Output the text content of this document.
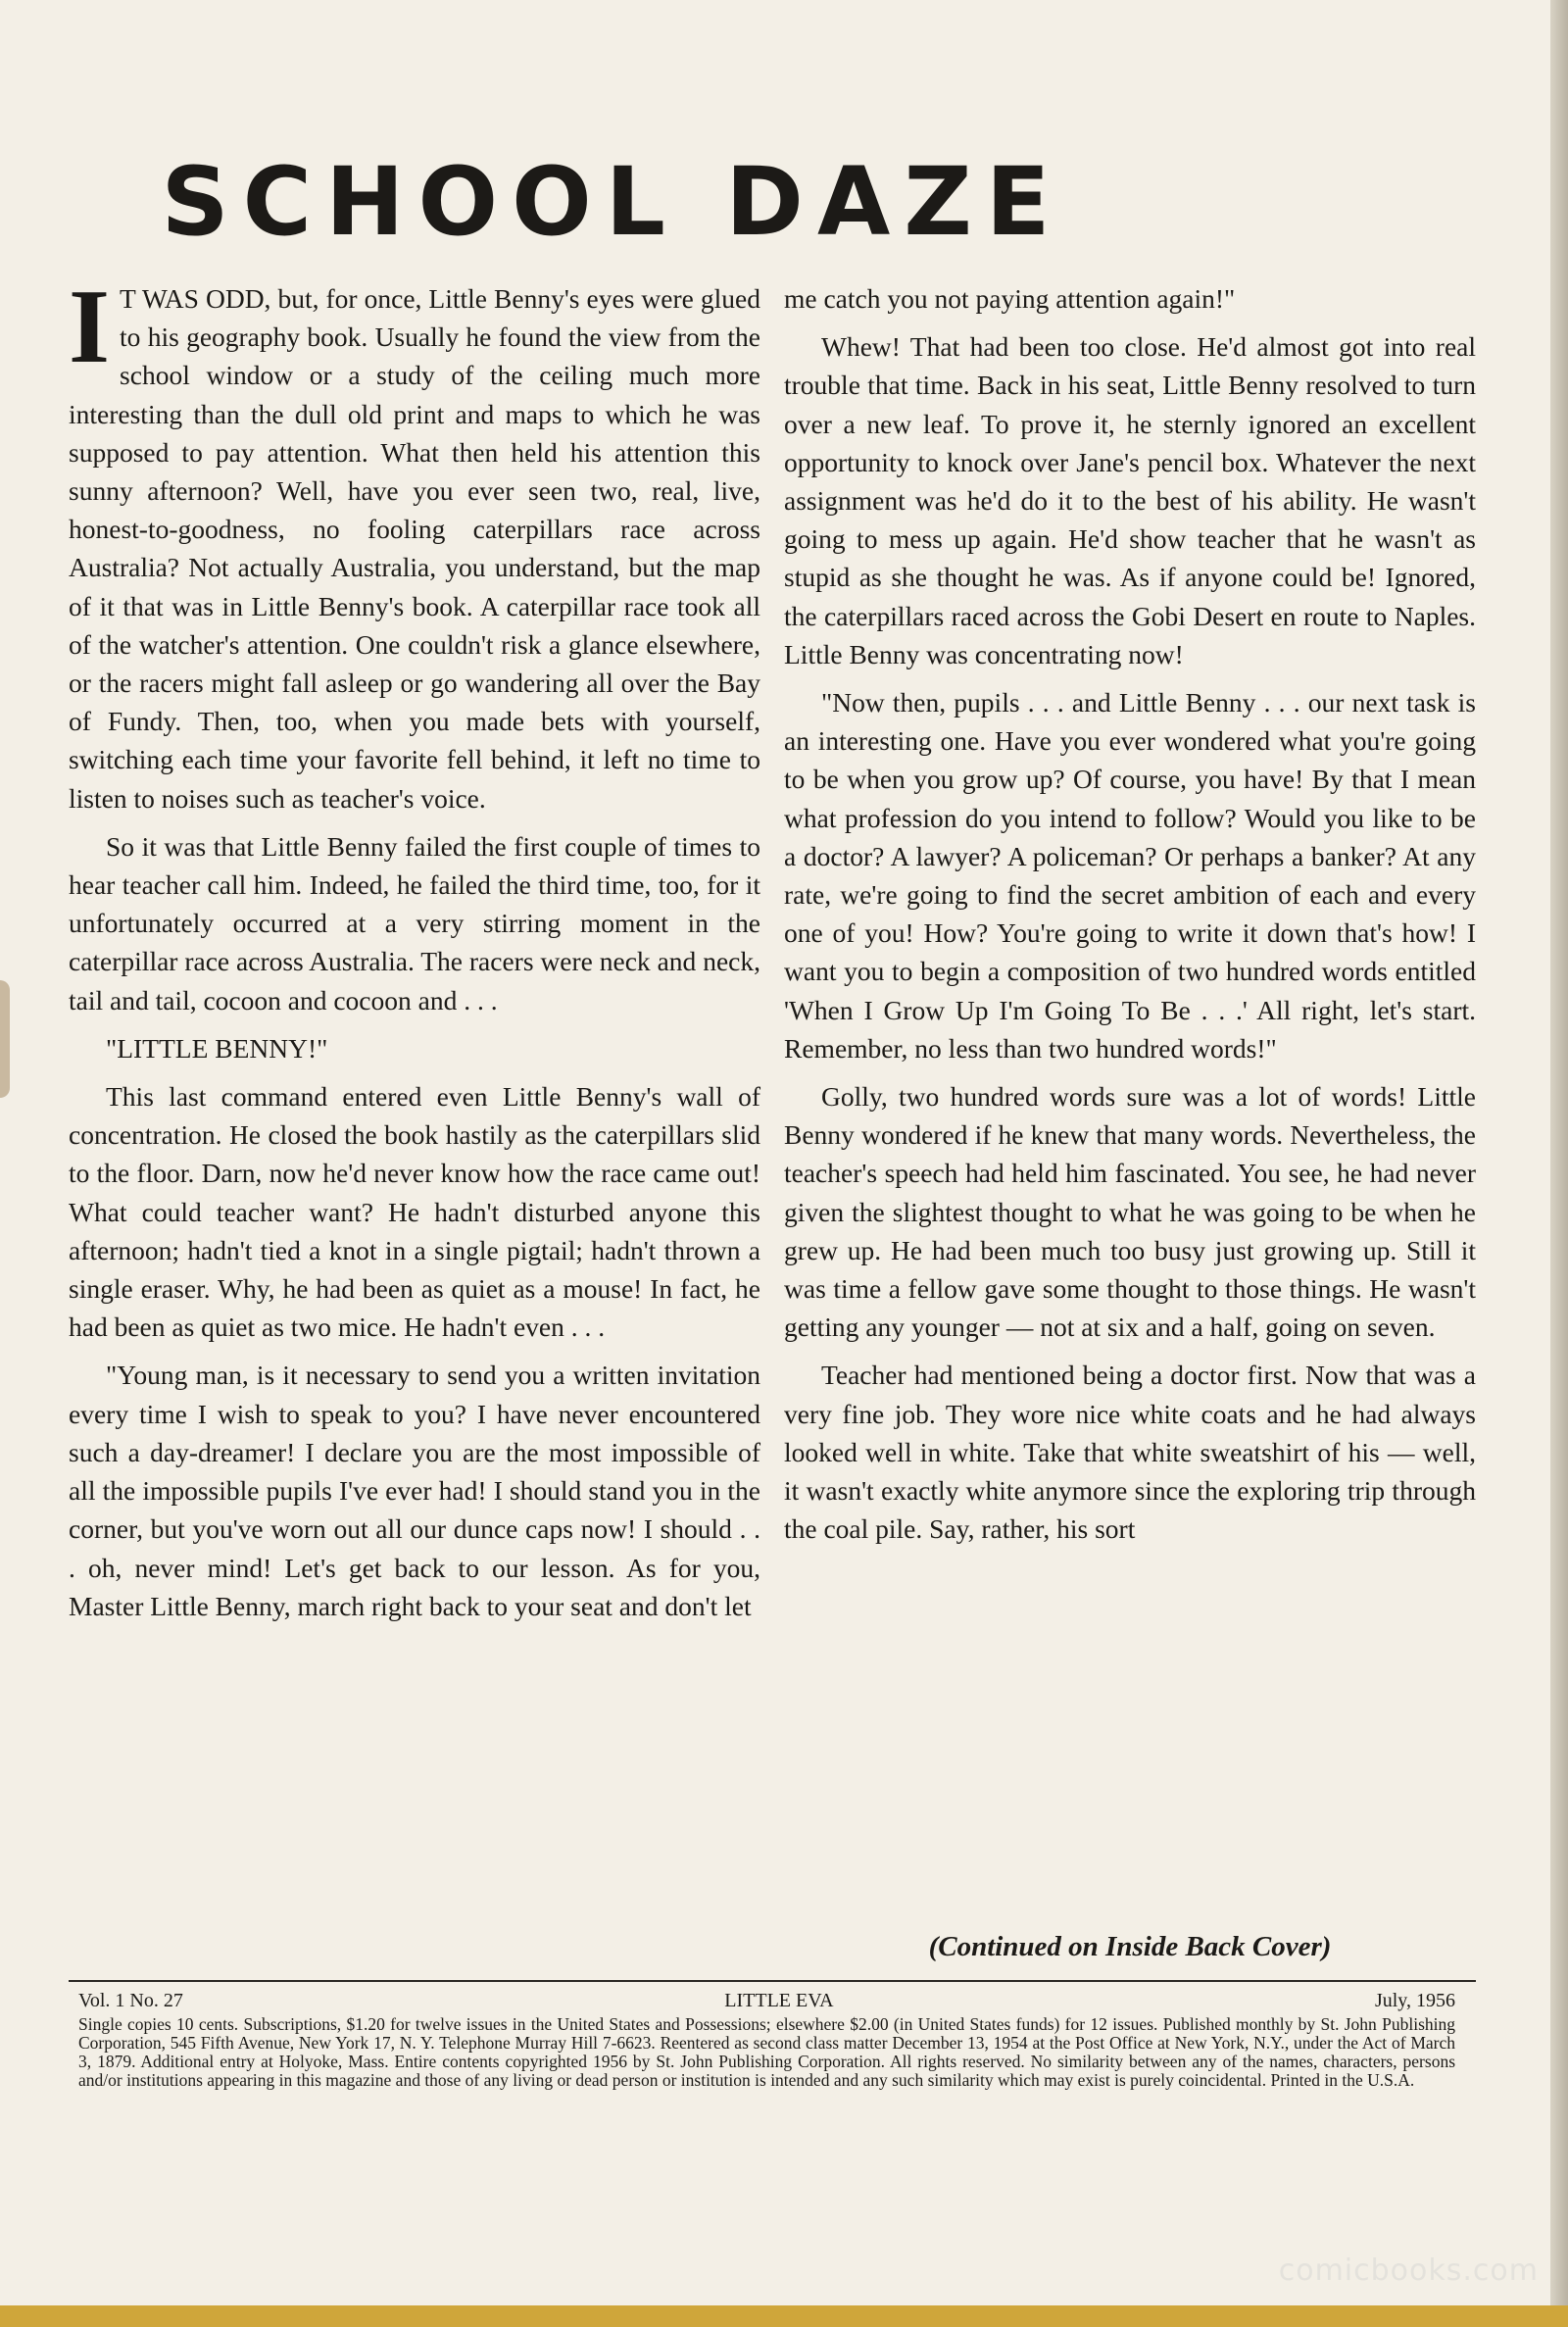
SCHOOL DAZE

I T WAS ODD, but, for once, Little Benny's eyes were glued to his geography book. Usually he found the view from the school window or a study of the ceiling much more interesting than the dull old print and maps to which he was supposed to pay attention. What then held his attention this sunny afternoon? Well, have you ever seen two, real, live, honest-to-goodness, no fooling caterpillars race across Australia? Not actually Australia, you understand, but the map of it that was in Little Benny's book. A caterpillar race took all of the watcher's attention. One couldn't risk a glance elsewhere, or the racers might fall asleep or go wandering all over the Bay of Fundy. Then, too, when you made bets with yourself, switching each time your favorite fell behind, it left no time to listen to noises such as teacher's voice.

So it was that Little Benny failed the first couple of times to hear teacher call him. Indeed, he failed the third time, too, for it unfortunately occurred at a very stirring moment in the caterpillar race across Australia. The racers were neck and neck, tail and tail, cocoon and cocoon and . . .

"LITTLE BENNY!"

This last command entered even Little Benny's wall of concentration. He closed the book hastily as the caterpillars slid to the floor. Darn, now he'd never know how the race came out! What could teacher want? He hadn't disturbed anyone this afternoon; hadn't tied a knot in a single pigtail; hadn't thrown a single eraser. Why, he had been as quiet as a mouse! In fact, he had been as quiet as two mice. He hadn't even . . .

"Young man, is it necessary to send you a written invitation every time I wish to speak to you? I have never encountered such a day-dreamer! I declare you are the most impossible of all the impossible pupils I've ever had! I should stand you in the corner, but you've worn out all our dunce caps now! I should . . . oh, never mind! Let's get back to our lesson. As for you, Master Little Benny, march right back to your seat and don't let

me catch you not paying attention again!"

Whew! That had been too close. He'd almost got into real trouble that time. Back in his seat, Little Benny resolved to turn over a new leaf. To prove it, he sternly ignored an excellent opportunity to knock over Jane's pencil box. Whatever the next assignment was he'd do it to the best of his ability. He wasn't going to mess up again. He'd show teacher that he wasn't as stupid as she thought he was. As if anyone could be! Ignored, the caterpillars raced across the Gobi Desert en route to Naples. Little Benny was concentrating now!

"Now then, pupils . . . and Little Benny . . . our next task is an interesting one. Have you ever wondered what you're going to be when you grow up? Of course, you have! By that I mean what profession do you intend to follow? Would you like to be a doctor? A lawyer? A policeman? Or perhaps a banker? At any rate, we're going to find the secret ambition of each and every one of you! How? You're going to write it down that's how! I want you to begin a composition of two hundred words entitled 'When I Grow Up I'm Going To Be . . .' All right, let's start. Remember, no less than two hundred words!"

Golly, two hundred words sure was a lot of words! Little Benny wondered if he knew that many words. Nevertheless, the teacher's speech had held him fascinated. You see, he had never given the slightest thought to what he was going to be when he grew up. He had been much too busy just growing up. Still it was time a fellow gave some thought to those things. He wasn't getting any younger — not at six and a half, going on seven.

Teacher had mentioned being a doctor first. Now that was a very fine job. They wore nice white coats and he had always looked well in white. Take that white sweatshirt of his — well, it wasn't exactly white anymore since the exploring trip through the coal pile. Say, rather, his sort

(Continued on Inside Back Cover)
Vol. 1 No. 27	LITTLE EVA	July, 1956

Single copies 10 cents. Subscriptions, $1.20 for twelve issues in the United States and Possessions; elsewhere $2.00 (in United States funds) for 12 issues. Published monthly by St. John Publishing Corporation, 545 Fifth Avenue, New York 17, N. Y. Telephone Murray Hill 7-6623. Reentered as second class matter December 13, 1954 at the Post Office at New York, N.Y., under the Act of March 3, 1879. Additional entry at Holyoke, Mass. Entire contents copyrighted 1956 by St. John Publishing Corporation. All rights reserved. No similarity between any of the names, characters, persons and/or institutions appearing in this magazine and those of any living or dead person or institution is intended and any such similarity which may exist is purely coincidental. Printed in the U.S.A.

comicbooks.com
